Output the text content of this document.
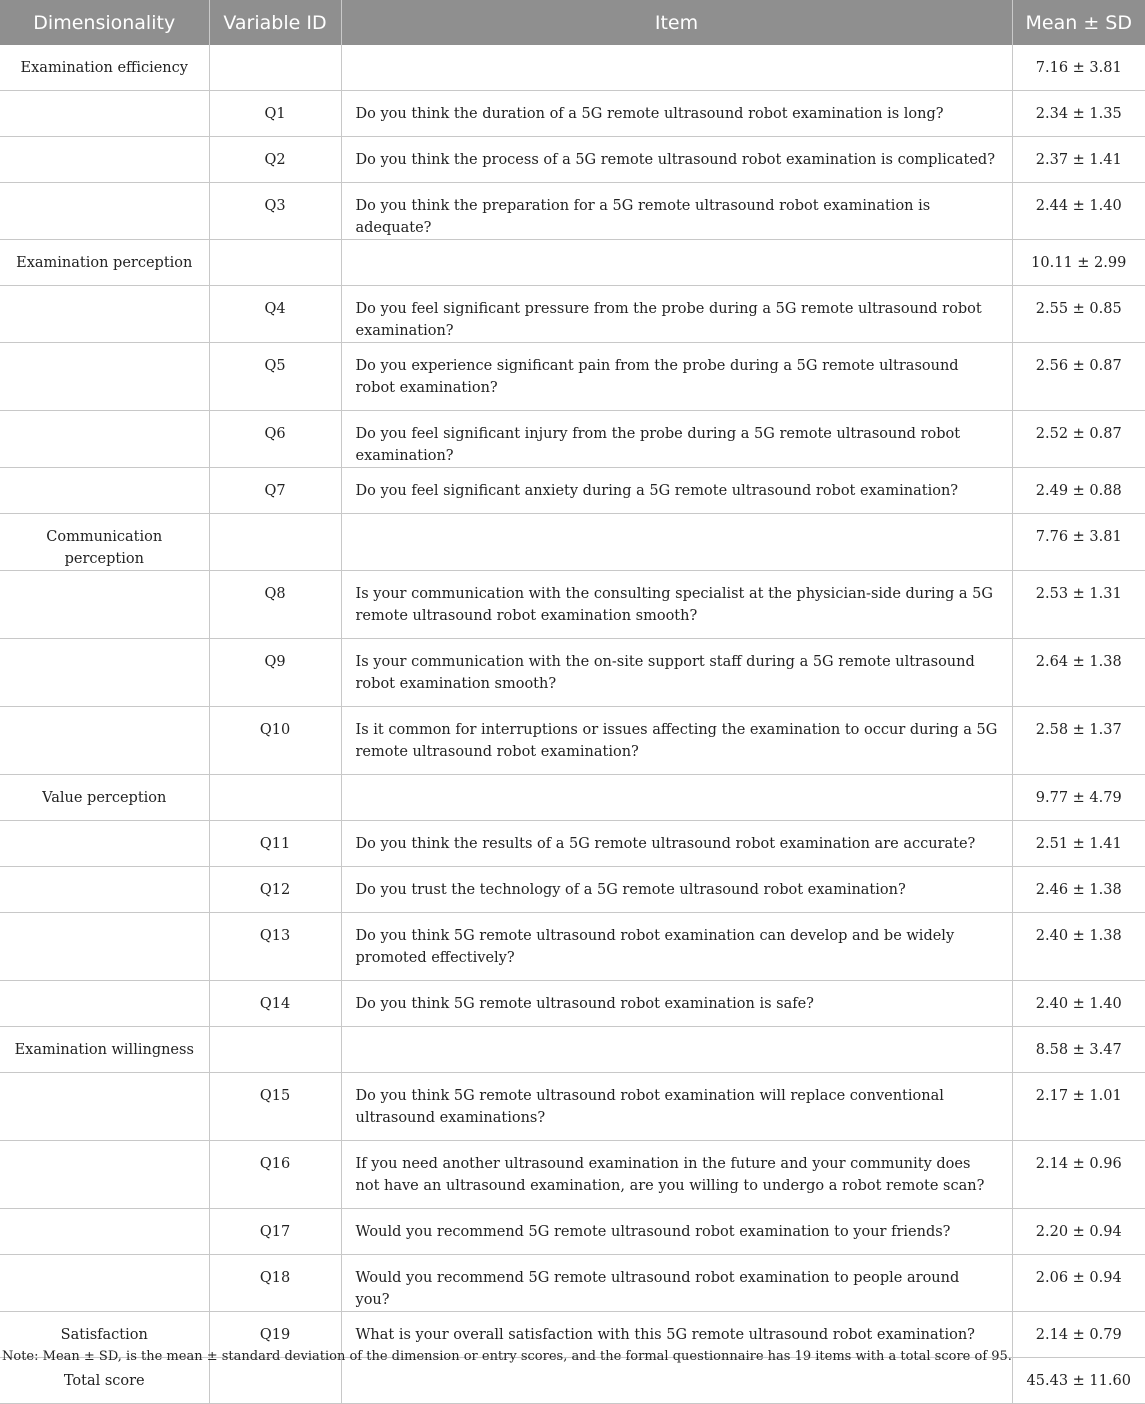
Dimensionality	Variable ID	Item	Mean ± SD

Examination efficiency			7.16 ± 3.81

	Q1	Do you think the duration of a 5G remote ultrasound robot examination is long?	2.34 ± 1.35

	Q2	Do you think the process of a 5G remote ultrasound robot examination is complicated?	2.37 ± 1.41

	Q3	Do you think the preparation for a 5G remote ultrasound robot examination is adequate?	2.44 ± 1.40

Examination perception			10.11 ± 2.99

	Q4	Do you feel significant pressure from the probe during a 5G remote ultrasound robot examination?	2.55 ± 0.85

	Q5	Do you experience significant pain from the probe during a 5G remote ultrasound robot examination?	2.56 ± 0.87

	Q6	Do you feel significant injury from the probe during a 5G remote ultrasound robot examination?	2.52 ± 0.87

	Q7	Do you feel significant anxiety during a 5G remote ultrasound robot examination?	2.49 ± 0.88

Communication perception			7.76 ± 3.81

	Q8	Is your communication with the consulting specialist at the physician-side during a 5G remote ultrasound robot examination smooth?	2.53 ± 1.31

	Q9	Is your communication with the on-site support staff during a 5G remote ultrasound robot examination smooth?	2.64 ± 1.38

	Q10	Is it common for interruptions or issues affecting the examination to occur during a 5G remote ultrasound robot examination?	2.58 ± 1.37

Value perception			9.77 ± 4.79

	Q11	Do you think the results of a 5G remote ultrasound robot examination are accurate?	2.51 ± 1.41

	Q12	Do you trust the technology of a 5G remote ultrasound robot examination?	2.46 ± 1.38

	Q13	Do you think 5G remote ultrasound robot examination can develop and be widely promoted effectively?	2.40 ± 1.38

	Q14	Do you think 5G remote ultrasound robot examination is safe?	2.40 ± 1.40

Examination willingness			8.58 ± 3.47

	Q15	Do you think 5G remote ultrasound robot examination will replace conventional ultrasound examinations?	2.17 ± 1.01

	Q16	If you need another ultrasound examination in the future and your community does not have an ultrasound examination, are you willing to undergo a robot remote scan?	2.14 ± 0.96

	Q17	Would you recommend 5G remote ultrasound robot examination to your friends?	2.20 ± 0.94

	Q18	Would you recommend 5G remote ultrasound robot examination to people around you?	2.06 ± 0.94

Satisfaction	Q19	What is your overall satisfaction with this 5G remote ultrasound robot examination?	2.14 ± 0.79

Total score			45.43 ± 11.60
Note: Mean ± SD, is the mean ± standard deviation of the dimension or entry scores, and the formal questionnaire has 19 items with a total score of 95.
